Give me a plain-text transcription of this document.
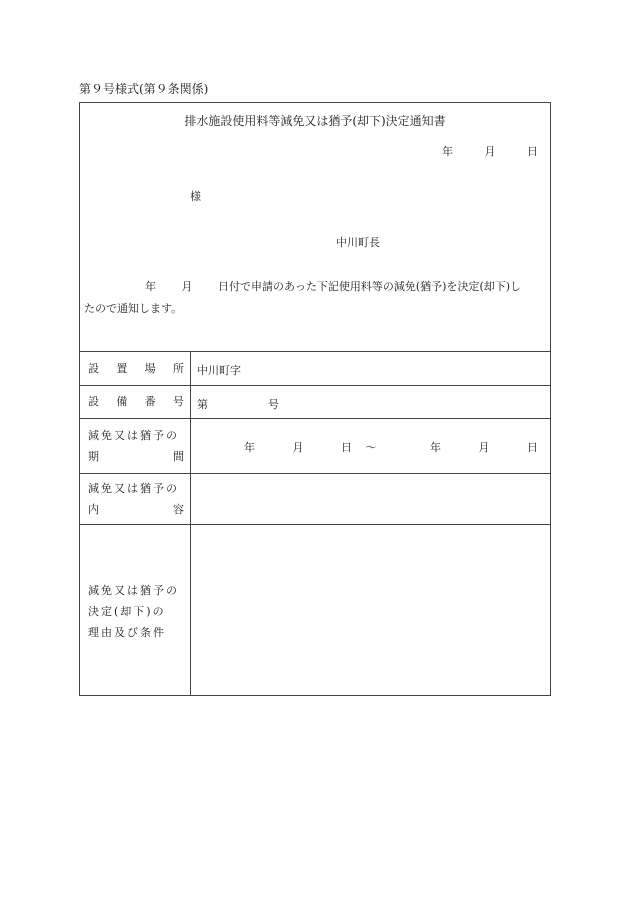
第９号様式(第９条関係)
排水施設使用料等減免又は猶予(却下)決定通知書
年	月	日
様
中川町長
年 月 日付で申請のあった下記使用料等の減免(猶予)を決定(却下)し
たので通知します。
設 置 場 所 中川町字
設 備 番 号 第	号
減免又は猶予の
期	間
年	月	日 ～	年	月	日
減免又は猶予の
内	容
減免又は猶予の
決定(却下)の
理由及び条件
